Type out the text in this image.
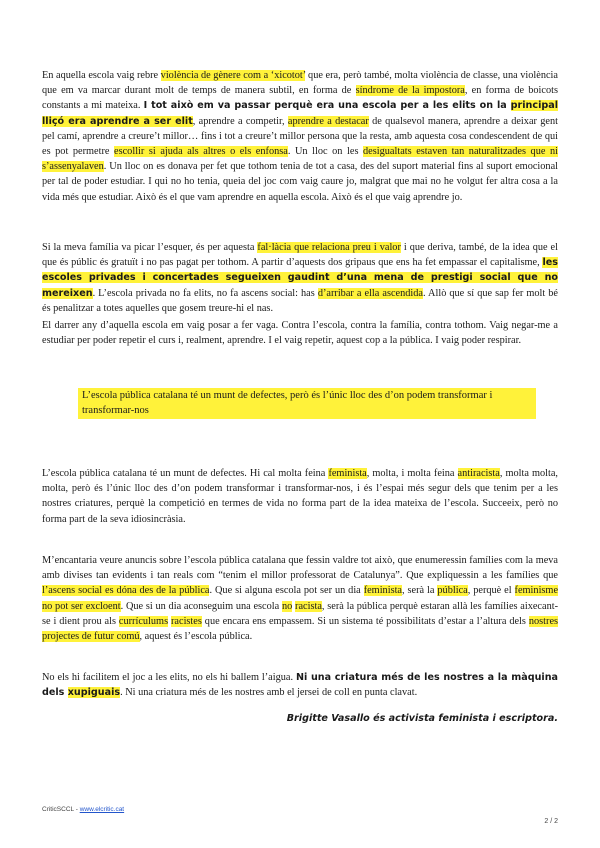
En aquella escola vaig rebre violència de gènere com a ‘xicotot’ que era, però també, molta violència de classe, una violència que em va marcar durant molt de temps de manera subtil, en forma de síndrome de la impostora, en forma de boicots constants a mi mateixa. I tot això em va passar perquè era una escola per a les elits on la principal lliçó era aprendre a ser elit, aprendre a competir, aprendre a destacar de qualsevol manera, aprendre a deixar gent pel camí, aprendre a creure’t millor… fins i tot a creure’t millor persona que la resta, amb aquesta cosa condescendent de qui es pot permetre escollir si ajuda als altres o els enfonsa. Un lloc on les desigualtats estaven tan naturalitzades que ni s’assenyalaven. Un lloc on es donava per fet que tothom tenia de tot a casa, des del suport material fins al suport emocional per tal de poder estudiar. I qui no ho tenia, queia del joc com vaig caure jo, malgrat que mai no he volgut fer altra cosa a la vida més que estudiar. Això és el que vam aprendre en aquella escola. Això és el que vaig aprendre jo.

Si la meva família va picar l’esquer, és per aquesta fal·làcia que relaciona preu i valor i que deriva, també, de la idea que el que és públic és gratuït i no pas pagat per tothom. A partir d’aquests dos gripaus que ens ha fet empassar el capitalisme, les escoles privades i concertades segueixen gaudint d’una mena de prestigi social que no mereixen. L’escola privada no fa elits, no fa ascens social: has d’arribar a ella ascendida. Allò que sí que sap fer molt bé és penalitzar a totes aquelles que gosem treure-hi el nas.

El darrer any d’aquella escola em vaig posar a fer vaga. Contra l’escola, contra la família, contra tothom. Vaig negar-me a estudiar per poder repetir el curs i, realment, aprendre. I el vaig repetir, aquest cop a la pública. I vaig poder respirar.

L’escola pública catalana té un munt de defectes, però és l’únic lloc des d’on podem transformar i transformar-nos

L’escola pública catalana té un munt de defectes. Hi cal molta feina feminista, molta, i molta feina antiracista, molta molta, molta, però és l’únic lloc des d’on podem transformar i transformar-nos, i és l’espai més segur dels que tenim per a les nostres criatures, perquè la competició en termes de vida no forma part de la idea mateixa de l’escola. Succeeix, però no forma part de la seva idiosincràsia.

M’encantaria veure anuncis sobre l’escola pública catalana que fessin valdre tot això, que enumeressin famílies com la meva amb divises tan evidents i tan reals com “tenim el millor professorat de Catalunya”. Que expliquessin a les famílies que l’ascens social es dóna des de la pública. Que si alguna escola pot ser un dia feminista, serà la pública, perquè el feminisme no pot ser excloent. Que si un dia aconseguim una escola no racista, serà la pública perquè estaran allà les famílies aixecant-se i dient prou als currículums racistes que encara ens empassem. Si un sistema té possibilitats d’estar a l’altura dels nostres projectes de futur comú, aquest és l’escola pública.

No els hi facilitem el joc a les elits, no els hi ballem l’aigua. Ni una criatura més de les nostres a la màquina dels xupiguais. Ni una criatura més de les nostres amb el jersei de coll en punta clavat.

Brigitte Vasallo és activista feminista i escriptora.
CriticSCCL - www.elcritic.cat
2 / 2
